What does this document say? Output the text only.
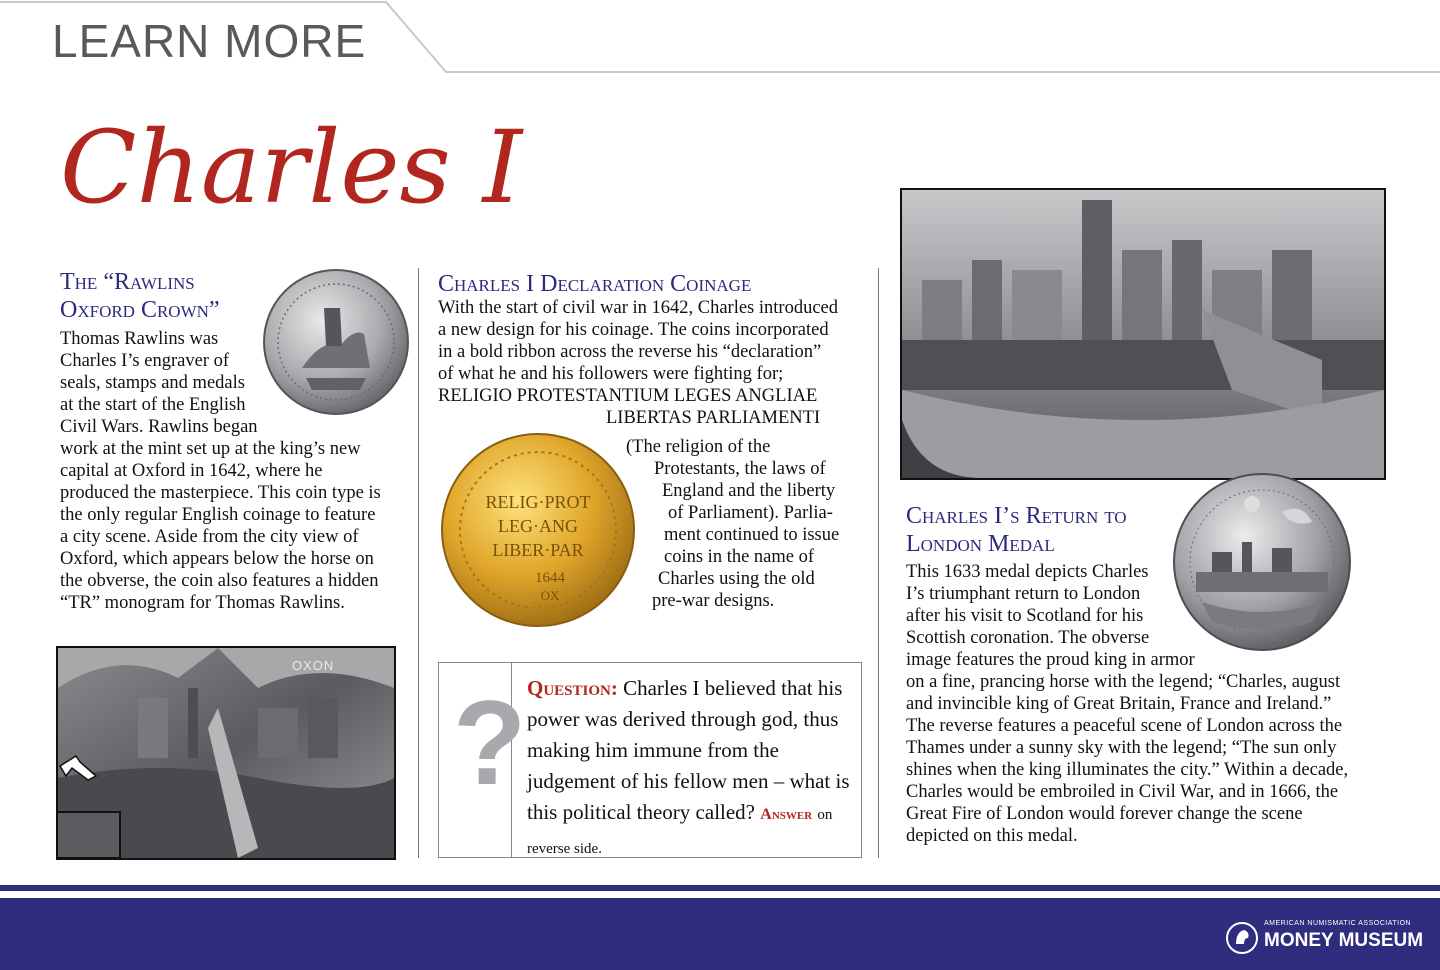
LEARN MORE
Charles I
The “Rawlins
Oxford Crown”
Thomas Rawlins was
Charles I’s engraver of
seals, stamps and medals
at the start of the English
Civil Wars. Rawlins began
work at the mint set up at the king’s new
capital at Oxford in 1642, where he
produced the masterpiece. This coin type is
the only regular English coinage to feature
a city scene. Aside from the city view of
Oxford, which appears below the horse on
the obverse, the coin also features a hidden
“TR” monogram for Thomas Rawlins.
OXON
Charles I Declaration Coinage
With the start of civil war in 1642, Charles introduced
a new design for his coinage. The coins incorporated
in a bold ribbon across the reverse his “declaration”
of what he and his followers were fighting for;
RELIGIO PROTESTANTIUM LEGES ANGLIAE
LIBERTAS PARLIAMENTI
RELIG·PROT
LEG·ANG
LIBER·PAR
1644
OX
(The religion of the
Protestants, the laws of
England and the liberty
of Parliament). Parlia-
ment continued to issue
coins in the name of
Charles using the old
pre-war designs.
? Question: Charles I believed that his power was derived through god, thus making him immune from the judgement of his fellow men – what is this political theory called? Answer on reverse side.
Charles I’s Return to
London Medal
This 1633 medal depicts Charles
I’s triumphant return to London
after his visit to Scotland for his
Scottish coronation. The obverse
image features the proud king in armor
on a fine, prancing horse with the legend; “Charles, august
and invincible king of Great Britain, France and Ireland.”
The reverse features a peaceful scene of London across the
Thames under a sunny sky with the legend; “The sun only
shines when the king illuminates the city.” Within a decade,
Charles would be embroiled in Civil War, and in 1666, the
Great Fire of London would forever change the scene
depicted on this medal.
AMERICAN NUMISMATIC ASSOCIATION
MONEY MUSEUM
